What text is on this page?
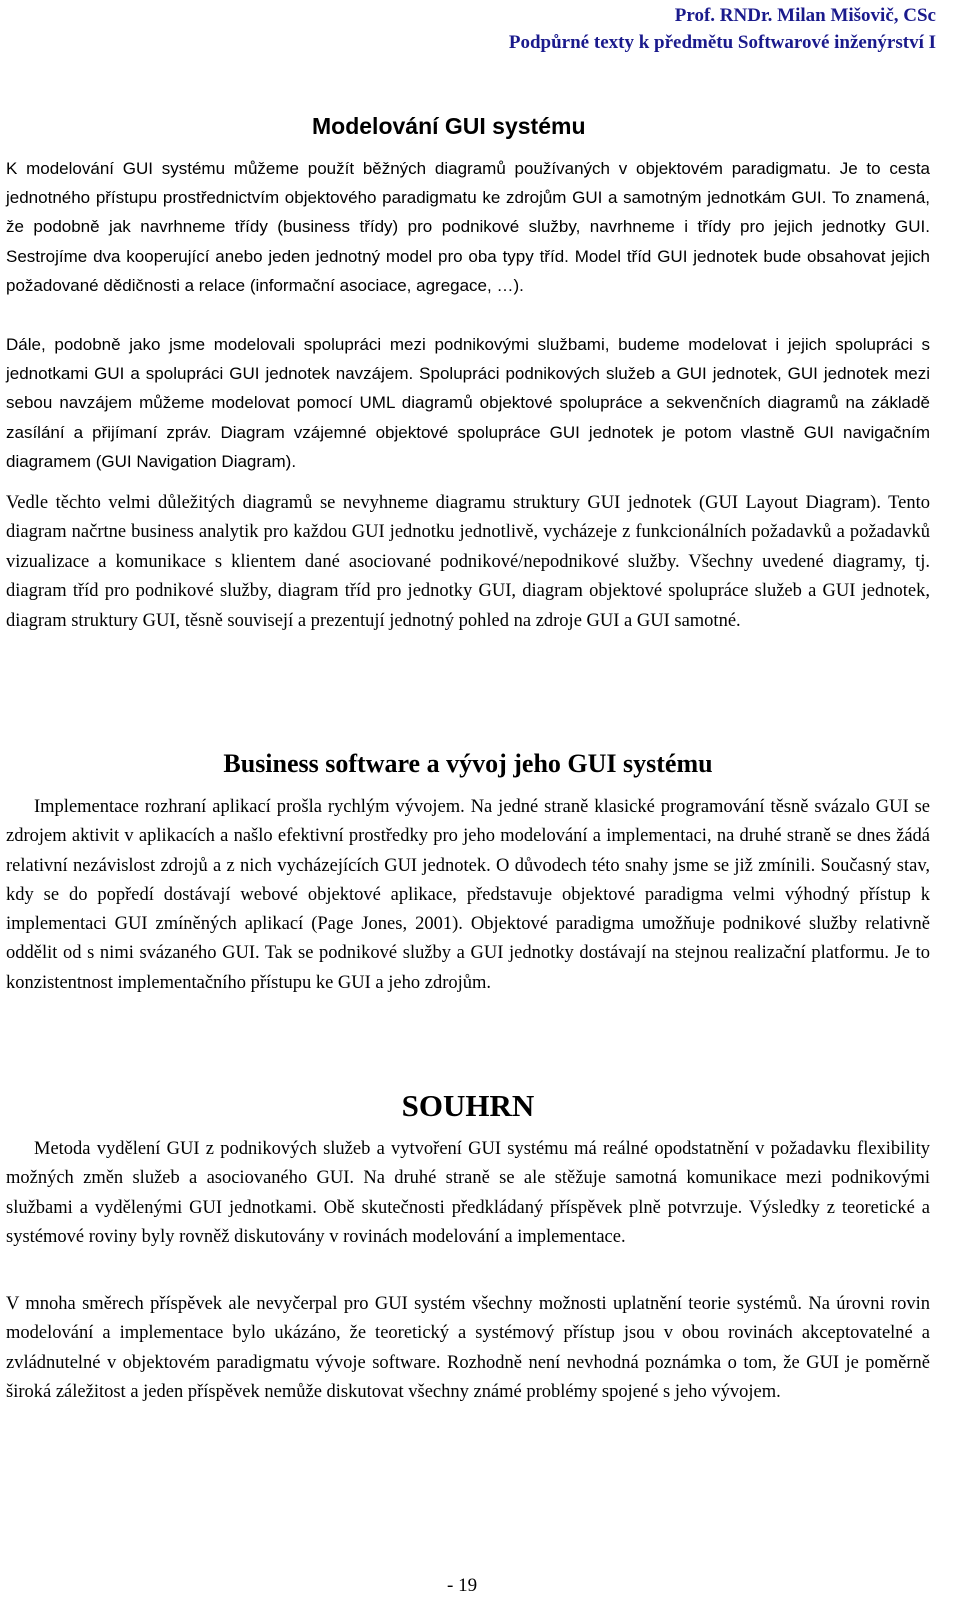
Prof. RNDr. Milan Mišovič, CSc
Podpůrné texty k předmětu Softwarové inženýrství I
Modelování GUI systému

K modelování GUI systému můžeme použít běžných diagramů používaných v objektovém paradigmatu. Je to cesta jednotného přístupu prostřednictvím objektového paradigmatu ke zdrojům GUI a samotným jednotkám GUI. To znamená, že podobně jak navrhneme třídy (business třídy) pro podnikové služby, navrhneme i třídy pro jejich jednotky GUI. Sestrojíme dva kooperující anebo jeden jednotný model pro oba typy tříd. Model tříd GUI jednotek bude obsahovat jejich požadované dědičnosti a relace (informační asociace, agregace, …).

Dále, podobně jako jsme modelovali spolupráci mezi podnikovými službami, budeme modelovat i jejich spolupráci s jednotkami GUI a spolupráci GUI jednotek navzájem. Spolupráci podnikových služeb a GUI jednotek, GUI jednotek mezi sebou navzájem můžeme modelovat pomocí UML diagramů objektové spolupráce a sekvenčních diagramů na základě zasílání a přijímaní zpráv. Diagram vzájemné objektové spolupráce GUI jednotek je potom vlastně GUI navigačním diagramem (GUI Navigation Diagram).

Vedle těchto velmi důležitých diagramů se nevyhneme diagramu struktury GUI jednotek (GUI Layout Diagram). Tento diagram načrtne business analytik pro každou GUI jednotku jednotlivě, vycházeje z funkcionálních požadavků a požadavků vizualizace a komunikace s klientem dané asociované podnikové/nepodnikové služby. Všechny uvedené diagramy, tj. diagram tříd pro podnikové služby, diagram tříd pro jednotky GUI, diagram objektové spolupráce služeb a GUI jednotek, diagram struktury GUI, těsně souvisejí a prezentují jednotný pohled na zdroje GUI a GUI samotné.

Business software a vývoj jeho GUI systému

Implementace rozhraní aplikací prošla rychlým vývojem. Na jedné straně klasické programování těsně svázalo GUI se zdrojem aktivit v aplikacích a našlo efektivní prostředky pro jeho modelování a implementaci, na druhé straně se dnes žádá relativní nezávislost zdrojů a z nich vycházejících GUI jednotek. O důvodech této snahy jsme se již zmínili. Současný stav, kdy se do popředí dostávají webové objektové aplikace, představuje objektové paradigma velmi výhodný přístup k implementaci GUI zmíněných aplikací (Page Jones, 2001). Objektové paradigma umožňuje podnikové služby relativně oddělit od s nimi svázaného GUI. Tak se podnikové služby a GUI jednotky dostávají na stejnou realizační platformu. Je to konzistentnost implementačního přístupu ke GUI a jeho zdrojům.

SOUHRN

Metoda vydělení GUI z podnikových služeb a vytvoření GUI systému má reálné opodstatnění v požadavku flexibility možných změn služeb a asociovaného GUI. Na druhé straně se ale stěžuje samotná komunikace mezi podnikovými službami a vydělenými GUI jednotkami. Obě skutečnosti předkládaný příspěvek plně potvrzuje. Výsledky z teoretické a systémové roviny byly rovněž diskutovány v rovinách modelování a implementace.

V mnoha směrech příspěvek ale nevyčerpal pro GUI systém všechny možnosti uplatnění teorie systémů. Na úrovni rovin modelování a implementace bylo ukázáno, že teoretický a systémový přístup jsou v obou rovinách akceptovatelné a zvládnutelné v objektovém paradigmatu vývoje software. Rozhodně není nevhodná poznámka o tom, že GUI je poměrně široká záležitost a jeden příspěvek nemůže diskutovat všechny známé problémy spojené s jeho vývojem.

- 19
